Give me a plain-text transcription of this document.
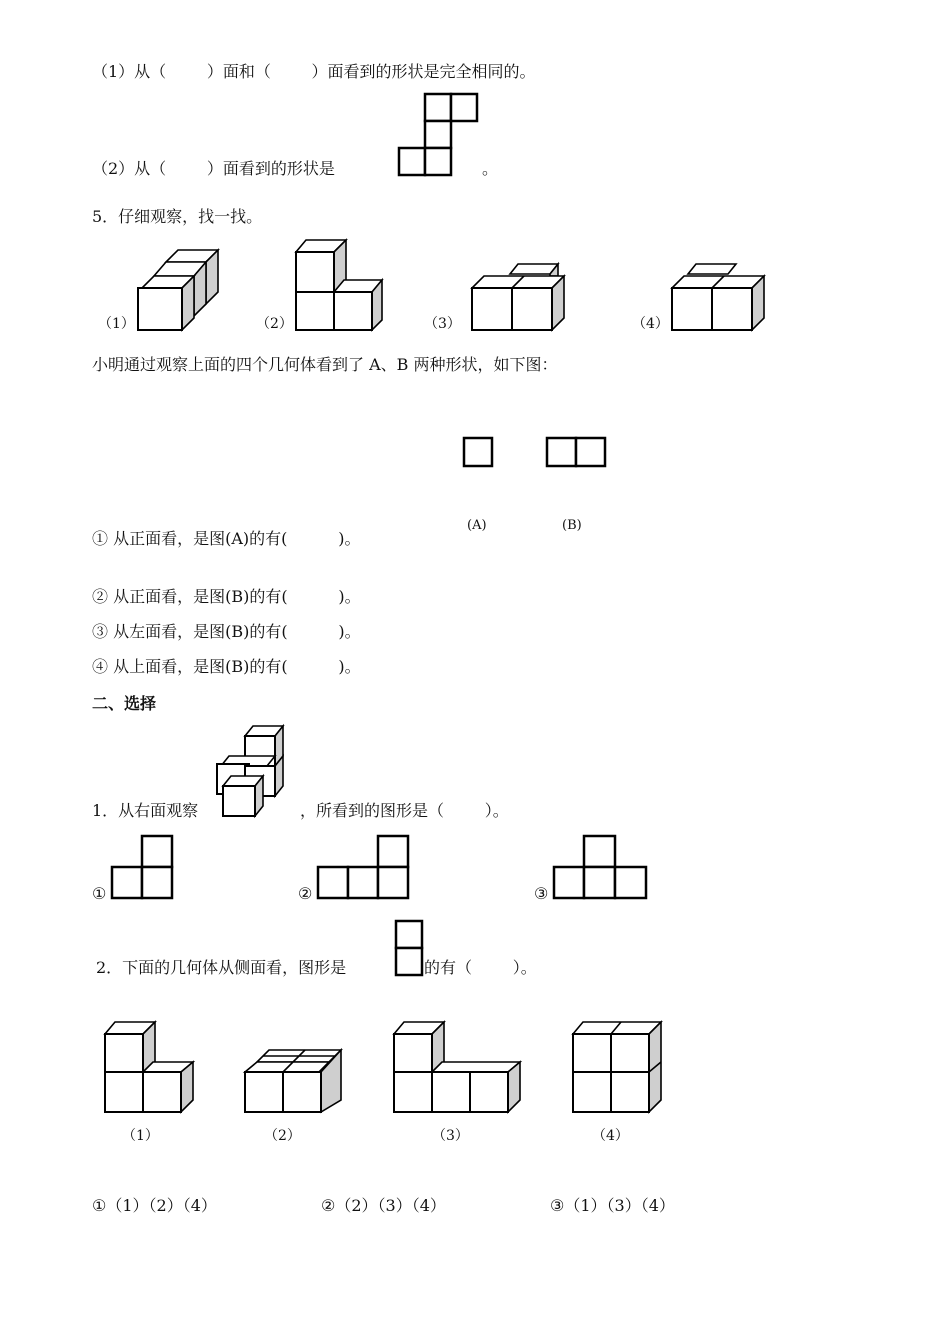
（1）从（        ）面和（        ）面看到的形状是完全相同的。
（2）从（        ）面看到的形状是	。
5．仔细观察，找一找。
（1）	（2）	（3）	（4）
小明通过观察上面的四个几何体看到了 A、B 两种形状，如下图：
(A)	(B)
① 从正面看，是图(A)的有(          )。
② 从正面看，是图(B)的有(          )。
③ 从左面看，是图(B)的有(          )。
④ 从上面看，是图(B)的有(          )。
二、选择
1．从右面观察	，所看到的图形是（        ）。
①	②	③
2．下面的几何体从侧面看，图形是	的有（        ）。
（1）	（2）	（3）	（4）
①（1）（2）（4）	②（2）（3）（4）	③（1）（3）（4）
